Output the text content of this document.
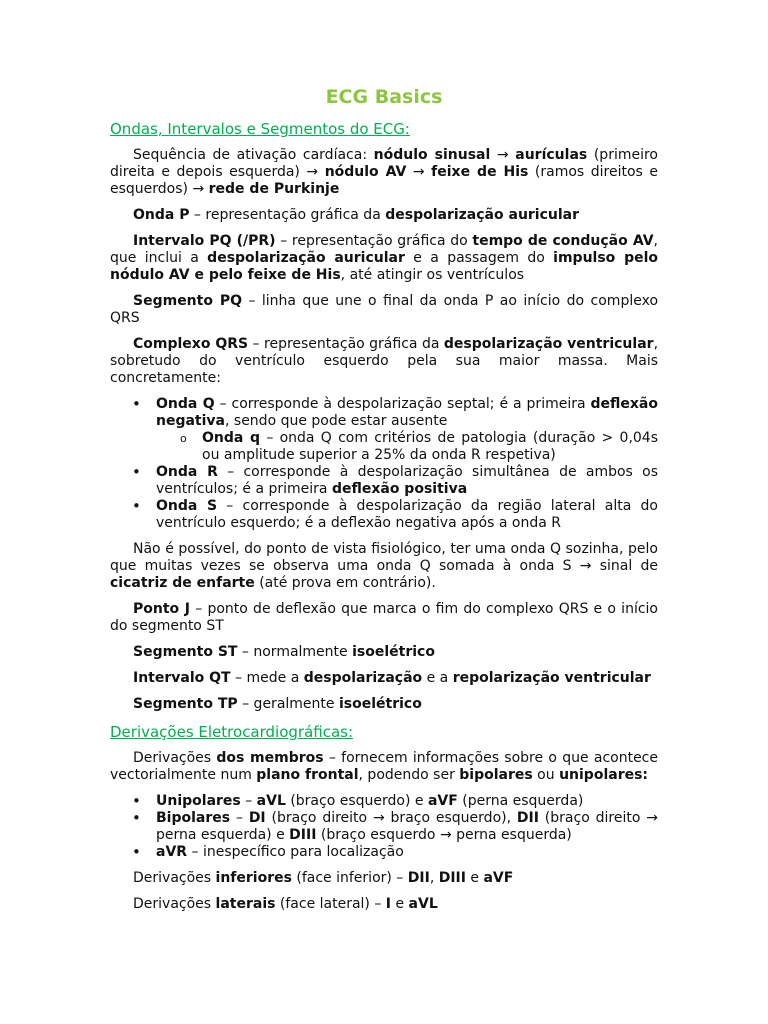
ECG Basics
Ondas, Intervalos e Segmentos do ECG:

Sequência de ativação cardíaca: nódulo sinusal → aurículas (primeiro direita e depois esquerda) → nódulo AV → feixe de His (ramos direitos e esquerdos) → rede de Purkinje

Onda P – representação gráfica da despolarização auricular

Intervalo PQ (/PR) – representação gráfica do tempo de condução AV, que inclui a despolarização auricular e a passagem do impulso pelo nódulo AV e pelo feixe de His, até atingir os ventrículos

Segmento PQ – linha que une o final da onda P ao início do complexo QRS

Complexo QRS – representação gráfica da despolarização ventricular, sobretudo do ventrículo esquerdo pela sua maior massa. Mais concretamente:

• Onda Q – corresponde à despolarização septal; é a primeira deflexão negativa, sendo que pode estar ausente
o Onda q – onda Q com critérios de patologia (duração > 0,04s ou amplitude superior a 25% da onda R respetiva)
• Onda R – corresponde à despolarização simultânea de ambos os ventrículos; é a primeira deflexão positiva
• Onda S – corresponde à despolarização da região lateral alta do ventrículo esquerdo; é a deflexão negativa após a onda R

Não é possível, do ponto de vista fisiológico, ter uma onda Q sozinha, pelo que muitas vezes se observa uma onda Q somada à onda S → sinal de cicatriz de enfarte (até prova em contrário).

Ponto J – ponto de deflexão que marca o fim do complexo QRS e o início do segmento ST

Segmento ST – normalmente isoelétrico

Intervalo QT – mede a despolarização e a repolarização ventricular

Segmento TP – geralmente isoelétrico

Derivações Eletrocardiográficas:

Derivações dos membros – fornecem informações sobre o que acontece vectorialmente num plano frontal, podendo ser bipolares ou unipolares:

• Unipolares – aVL (braço esquerdo) e aVF (perna esquerda)
• Bipolares – DI (braço direito → braço esquerdo), DII (braço direito → perna esquerda) e DIII (braço esquerdo → perna esquerda)
• aVR – inespecífico para localização

Derivações inferiores (face inferior) – DII, DIII e aVF

Derivações laterais (face lateral) – I e aVL
